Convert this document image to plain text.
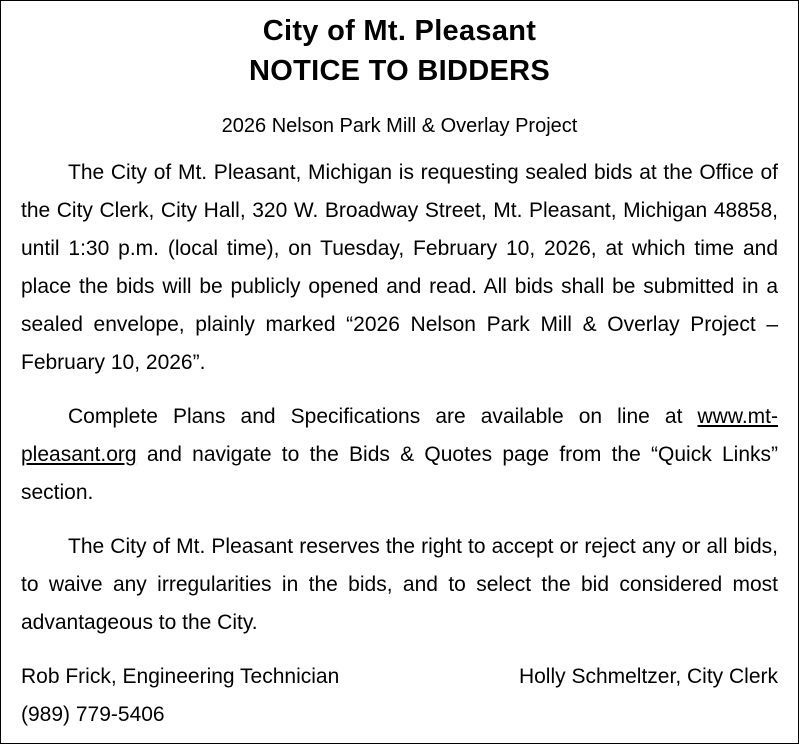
City of Mt. Pleasant
NOTICE TO BIDDERS

2026 Nelson Park Mill & Overlay Project

The City of Mt. Pleasant, Michigan is requesting sealed bids at the Office of the City Clerk, City Hall, 320 W. Broadway Street, Mt. Pleasant, Michigan 48858, until 1:30 p.m. (local time), on Tuesday, February 10, 2026, at which time and place the bids will be publicly opened and read. All bids shall be submitted in a sealed envelope, plainly marked “2026 Nelson Park Mill & Overlay Project – February 10, 2026”.

Complete Plans and Specifications are available on line at www.mt-pleasant.org and navigate to the Bids & Quotes page from the “Quick Links” section.

The City of Mt. Pleasant reserves the right to accept or reject any or all bids, to waive any irregularities in the bids, and to select the bid considered most advantageous to the City.

Rob Frick, Engineering Technician	Holly Schmeltzer, City Clerk
(989) 779-5406
